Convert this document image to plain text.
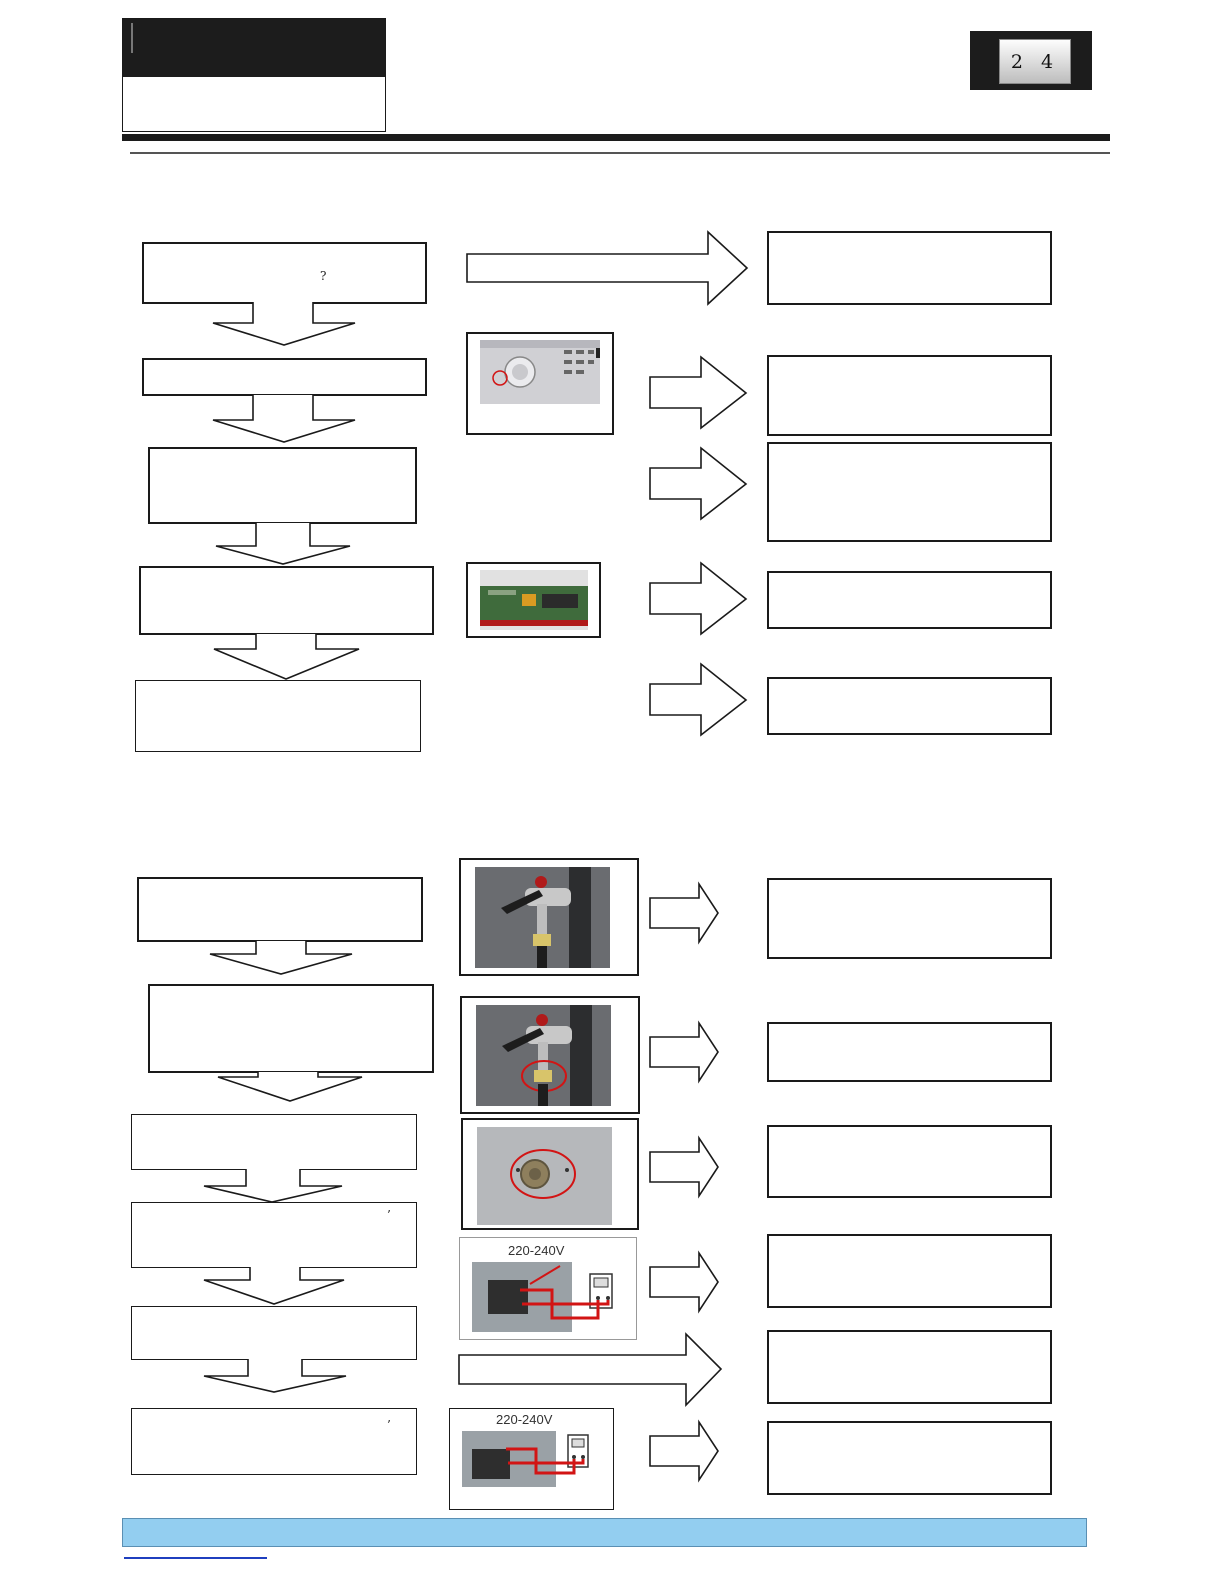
2 4
?
’
’
220-240V
220-240V
